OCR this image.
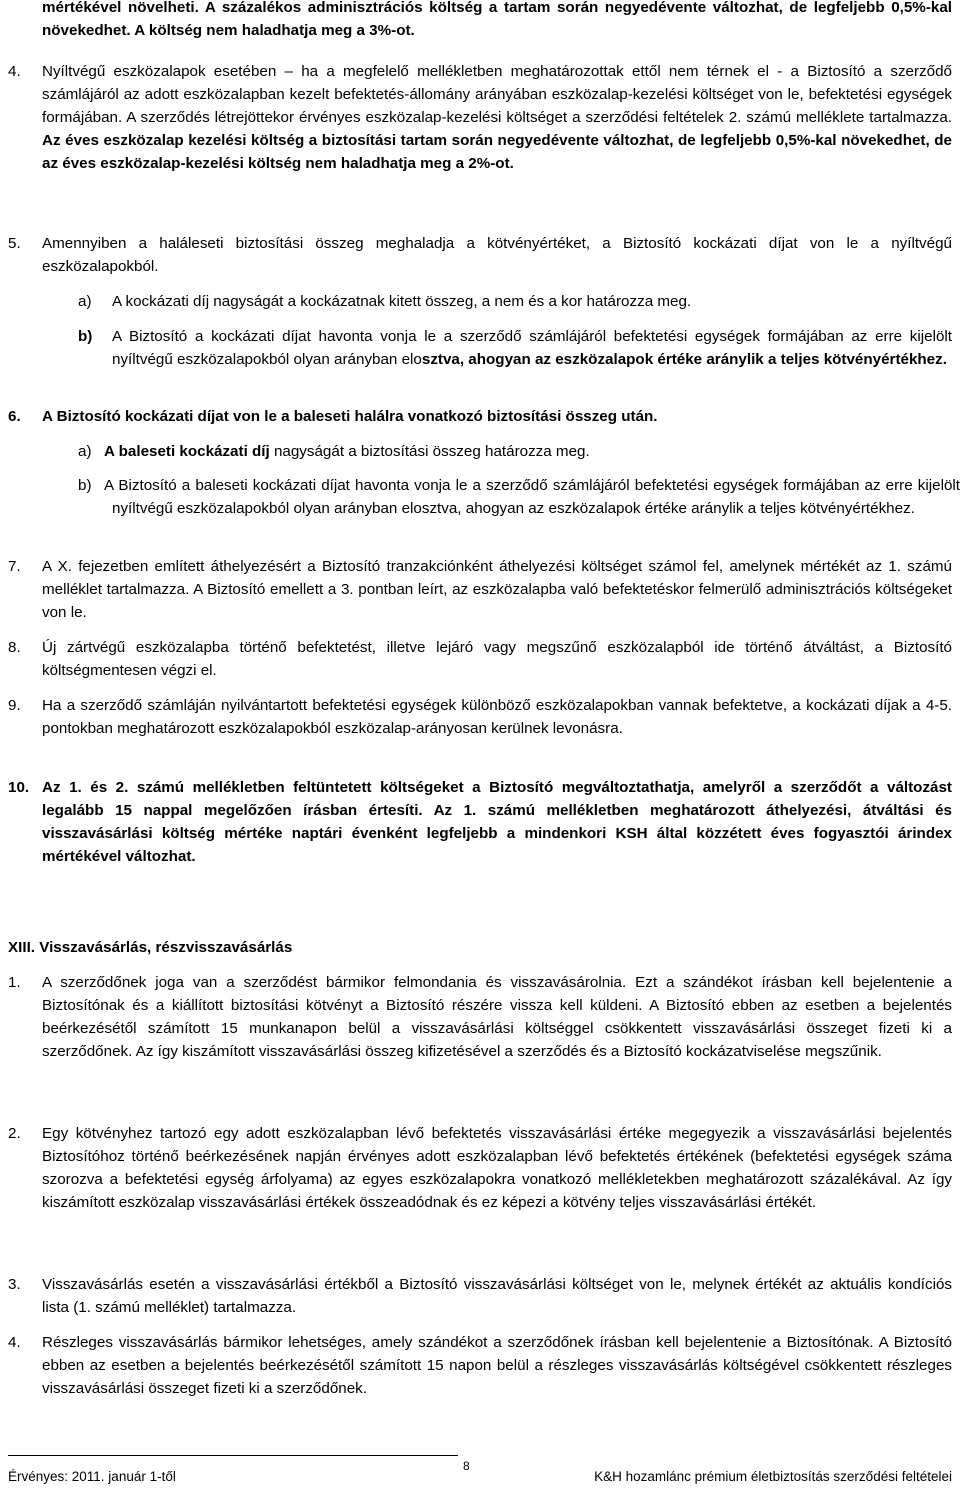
mértékével növelheti. A százalékos adminisztrációs költség a tartam során negyedévente változhat, de legfeljebb 0,5%-kal növekedhet. A költség nem haladhatja meg a 3%-ot.
4. Nyíltvégű eszközalapok esetében – ha a megfelelő mellékletben meghatározottak ettől nem térnek el - a Biztosító a szerződő számlájáról az adott eszközalapban kezelt befektetés-állomány arányában eszközalap-kezelési költséget von le, befektetési egységek formájában. A szerződés létrejöttekor érvényes eszközalap-kezelési költséget a szerződési feltételek 2. számú melléklete tartalmazza. Az éves eszközalap kezelési költség a biztosítási tartam során negyedévente változhat, de legfeljebb 0,5%-kal növekedhet, de az éves eszközalap-kezelési költség nem haladhatja meg a 2%-ot.
5. Amennyiben a haláleseti biztosítási összeg meghaladja a kötvényértéket, a Biztosító kockázati díjat von le a nyíltvégű eszközalapokból.
a) A kockázati díj nagyságát a kockázatnak kitett összeg, a nem és a kor határozza meg.
b) A Biztosító a kockázati díjat havonta vonja le a szerződő számlájáról befektetési egységek formájában az erre kijelölt nyíltvégű eszközalapokból olyan arányban elosztva, ahogyan az eszközalapok értéke aránylik a teljes kötvényértékhez.
6. A Biztosító kockázati díjat von le a baleseti halálra vonatkozó biztosítási összeg után.
a) A baleseti kockázati díj nagyságát a biztosítási összeg határozza meg.
b) A Biztosító a baleseti kockázati díjat havonta vonja le a szerződő számlájáról befektetési egységek formájában az erre kijelölt nyíltvégű eszközalapokból olyan arányban elosztva, ahogyan az eszközalapok értéke aránylik a teljes kötvényértékhez.
7. A X. fejezetben említett áthelyezésért a Biztosító tranzakciónként áthelyezési költséget számol fel, amelynek mértékét az 1. számú melléklet tartalmazza. A Biztosító emellett a 3. pontban leírt, az eszközalapba való befektetéskor felmerülő adminisztrációs költségeket von le.
8. Új zártvégű eszközalapba történő befektetést, illetve lejáró vagy megszűnő eszközalapból ide történő átváltást, a Biztosító költségmentesen végzi el.
9. Ha a szerződő számláján nyilvántartott befektetési egységek különböző eszközalapokban vannak befektetve, a kockázati díjak a 4-5. pontokban meghatározott eszközalapokból eszközalap-arányosan kerülnek levonásra.
10. Az 1. és 2. számú mellékletben feltüntetett költségeket a Biztosító megváltoztathatja, amelyről a szerződőt a változást legalább 15 nappal megelőzően írásban értesíti. Az 1. számú mellékletben meghatározott áthelyezési, átváltási és visszavásárlási költség mértéke naptári évenként legfeljebb a mindenkori KSH által közzétett éves fogyasztói árindex mértékével változhat.
XIII. Visszavásárlás, részvisszavásárlás
1. A szerződőnek joga van a szerződést bármikor felmondania és visszavásárolnia. Ezt a szándékot írásban kell bejelentenie a Biztosítónak és a kiállított biztosítási kötvényt a Biztosító részére vissza kell küldeni. A Biztosító ebben az esetben a bejelentés beérkezésétől számított 15 munkanapon belül a visszavásárlási költséggel csökkentett visszavásárlási összeget fizeti ki a szerződőnek. Az így kiszámított visszavásárlási összeg kifizetésével a szerződés és a Biztosító kockázatviselése megszűnik.
2. Egy kötvényhez tartozó egy adott eszközalapban lévő befektetés visszavásárlási értéke megegyezik a visszavásárlási bejelentés Biztosítóhoz történő beérkezésének napján érvényes adott eszközalapban lévő befektetés értékének (befektetési egységek száma szorozva a befektetési egység árfolyama) az egyes eszközalapokra vonatkozó mellékletekben meghatározott százalékával. Az így kiszámított eszközalap visszavásárlási értékek összeadódnak és ez képezi a kötvény teljes visszavásárlási értékét.
3. Visszavásárlás esetén a visszavásárlási értékből a Biztosító visszavásárlási költséget von le, melynek értékét az aktuális kondíciós lista (1. számú melléklet) tartalmazza.
4. Részleges visszavásárlás bármikor lehetséges, amely szándékot a szerződőnek írásban kell bejelentenie a Biztosítónak. A Biztosító ebben az esetben a bejelentés beérkezésétől számított 15 napon belül a részleges visszavásárlás költségével csökkentett részleges visszavásárlási összeget fizeti ki a szerződőnek.
Érvényes: 2011. január 1-től
8
K&H hozamlánc prémium életbiztosítás szerződési feltételei
